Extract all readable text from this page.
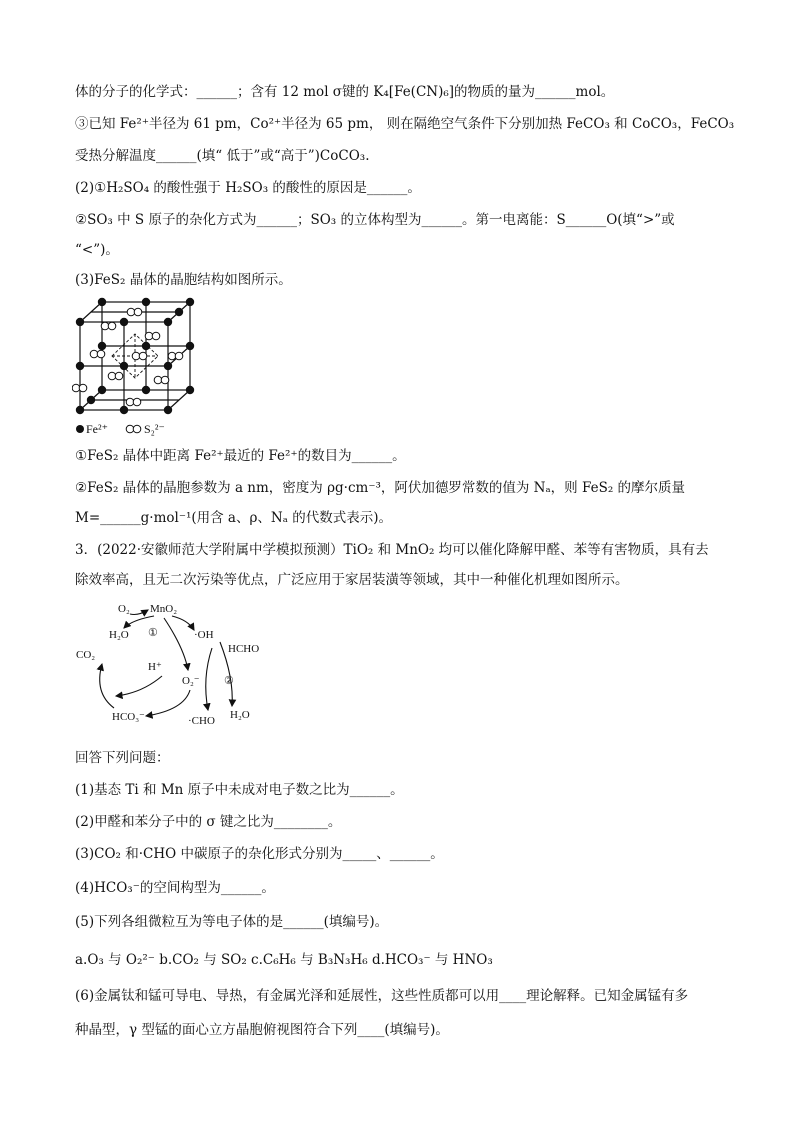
体的分子的化学式：______；含有 12 mol σ键的 K₄[Fe(CN)₆]的物质的量为______mol。
③已知 Fe²⁺半径为 61 pm，Co²⁺半径为 65 pm， 则在隔绝空气条件下分别加热 FeCO₃ 和 CoCO₃，FeCO₃
受热分解温度______(填“ 低于”或“高于”)CoCO₃.
(2)①H₂SO₄ 的酸性强于 H₂SO₃ 的酸性的原因是______。
②SO₃ 中 S 原子的杂化方式为______；SO₃ 的立体构型为______。第一电离能：S______O(填“>”或
“<”)。
(3)FeS₂ 晶体的晶胞结构如图所示。
Fe²⁺	S₂²⁻
①FeS₂ 晶体中距离 Fe²⁺最近的 Fe²⁺的数目为______。
②FeS₂ 晶体的晶胞参数为 a nm，密度为 ρg·cm⁻³，阿伏加德罗常数的值为 Nₐ，则 FeS₂ 的摩尔质量
M=______g·mol⁻¹(用含 a、ρ、Nₐ 的代数式表示)。
3．(2022·安徽师范大学附属中学模拟预测）TiO₂ 和 MnO₂ 均可以催化降解甲醛、苯等有害物质，具有去
除效率高，且无二次污染等优点，广泛应用于家居装潢等领域，其中一种催化机理如图所示。
O₂ MnO₂
H₂O ①	·OH
HCHO
CO₂
H⁺
O₂⁻ ②
H₂O
HCO₃⁻	·CHO
回答下列问题：
(1)基态 Ti 和 Mn 原子中未成对电子数之比为______。
(2)甲醛和苯分子中的 σ 键之比为________。
(3)CO₂ 和·CHO 中碳原子的杂化形式分别为_____、______。
(4)HCO₃⁻的空间构型为______。
(5)下列各组微粒互为等电子体的是______(填编号)。
a.O₃ 与 O₂²⁻ b.CO₂ 与 SO₂ c.C₆H₆ 与 B₃N₃H₆ d.HCO₃⁻ 与 HNO₃
(6)金属钛和锰可导电、导热，有金属光泽和延展性，这些性质都可以用____理论解释。已知金属锰有多
种晶型，γ 型锰的面心立方晶胞俯视图符合下列____(填编号)。
